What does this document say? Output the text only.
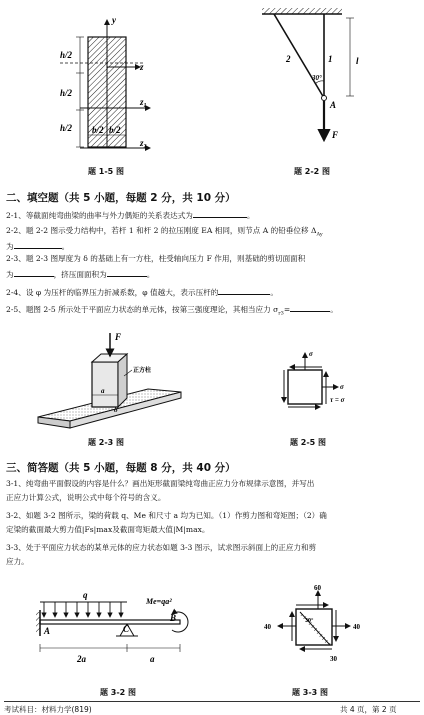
y
z
$z_1$
$z_2$
h/2
h/2
h/2 b/2 b/2
2	1
30°
l
A
F
F
正方柱
a
δ
σ
σ
τ = σ
q
Me=qa²
A	C
B
2a	a
60
40	40
30
30°
题 1-5 图	题 2-2 图
题 2-3 图	题 2-5 图
题 3-2 图	题 3-3 图
二、填空题（共 5 小题，每题 2 分，共 10 分）
2-1、等截面纯弯曲梁的曲率与外力偶矩的关系表达式为	。
2-2、题 2-2 图示受力结构中，若杆 1 和杆 2 的拉压刚度 EA 相同，则节点 A 的铅垂位移 $\Delta_{Ay}$
为	。
2-3、题 2-3 图厚度为 δ 的基础上有一方柱，柱受轴向压力 F 作用，则基础的剪切面面积
为	，挤压面面积为	。
2-4、设 φ 为压杆的临界压力折减系数，φ 值越大，表示压杆的	。
2-5、题图 2-5 所示处于平面应力状态的单元体，按第三强度理论，其相当应力 $\sigma_{r3}=$	。
三、简答题（共 5 小题，每题 8 分，共 40 分）
3-1、纯弯曲平面假设的内容是什么？画出矩形截面梁纯弯曲正应力分布规律示意图，并写出
正应力计算公式，说明公式中每个符号的含义。
3-2、如题 3-2 图所示，梁的荷载 q、Me 和尺寸 a 均为已知。（1）作剪力图和弯矩图；（2）确
定梁的截面最大剪力值|Fs|max及截面弯矩最大值|M|max。
3-3、处于平面应力状态的某单元体的应力状态如题 3-3 图示，试求图示斜面上的正应力和剪
应力。
考试科目：材料力学(819)	共 4 页，第 2 页
